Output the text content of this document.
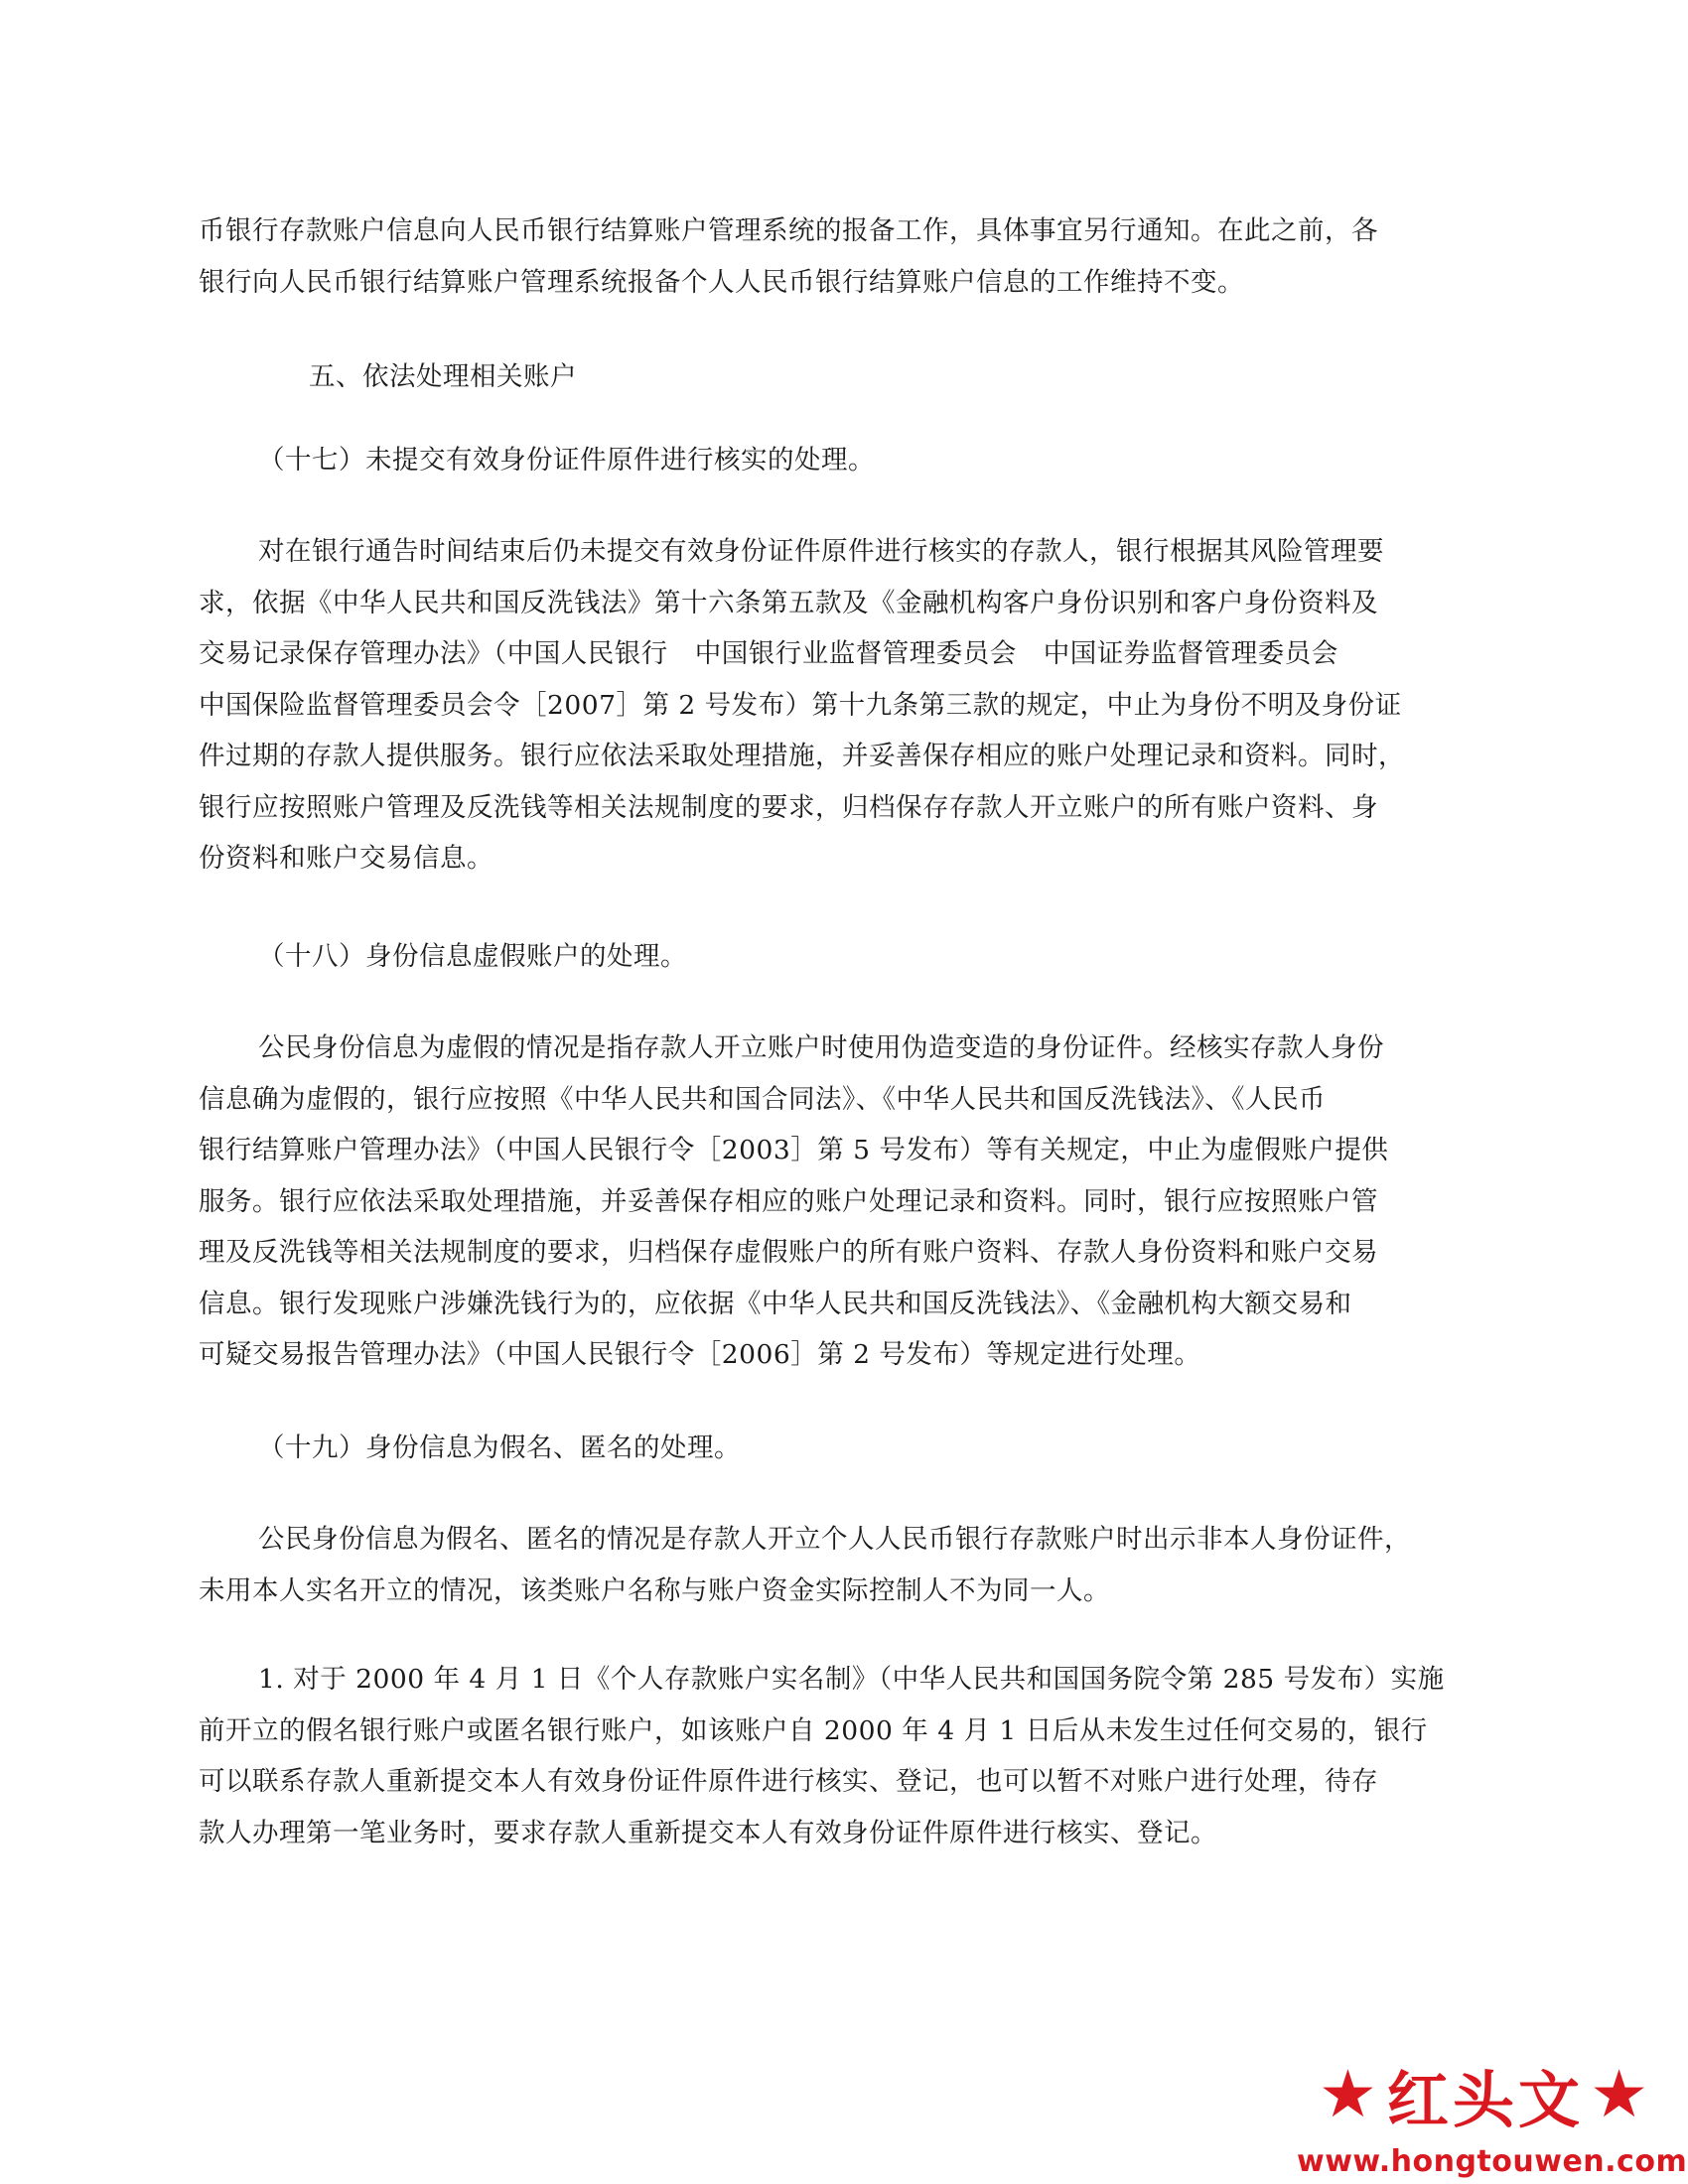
币银行存款账户信息向人民币银行结算账户管理系统的报备工作，具体事宜另行通知。在此之前，各
银行向人民币银行结算账户管理系统报备个人人民币银行结算账户信息的工作维持不变。
五、依法处理相关账户
（十七）未提交有效身份证件原件进行核实的处理。
对在银行通告时间结束后仍未提交有效身份证件原件进行核实的存款人，银行根据其风险管理要
求，依据《中华人民共和国反洗钱法》第十六条第五款及《金融机构客户身份识别和客户身份资料及
交易记录保存管理办法》（中国人民银行　中国银行业监督管理委员会　中国证券监督管理委员会
中国保险监督管理委员会令［2007］第 2 号发布）第十九条第三款的规定，中止为身份不明及身份证
件过期的存款人提供服务。银行应依法采取处理措施，并妥善保存相应的账户处理记录和资料。同时，
银行应按照账户管理及反洗钱等相关法规制度的要求，归档保存存款人开立账户的所有账户资料、身
份资料和账户交易信息。
（十八）身份信息虚假账户的处理。
公民身份信息为虚假的情况是指存款人开立账户时使用伪造变造的身份证件。经核实存款人身份
信息确为虚假的，银行应按照《中华人民共和国合同法》、《中华人民共和国反洗钱法》、《人民币
银行结算账户管理办法》（中国人民银行令［2003］第 5 号发布）等有关规定，中止为虚假账户提供
服务。银行应依法采取处理措施，并妥善保存相应的账户处理记录和资料。同时，银行应按照账户管
理及反洗钱等相关法规制度的要求，归档保存虚假账户的所有账户资料、存款人身份资料和账户交易
信息。银行发现账户涉嫌洗钱行为的，应依据《中华人民共和国反洗钱法》、《金融机构大额交易和
可疑交易报告管理办法》（中国人民银行令［2006］第 2 号发布）等规定进行处理。
（十九）身份信息为假名、匿名的处理。
公民身份信息为假名、匿名的情况是存款人开立个人人民币银行存款账户时出示非本人身份证件，
未用本人实名开立的情况，该类账户名称与账户资金实际控制人不为同一人。
1. 对于 2000 年 4 月 1 日《个人存款账户实名制》（中华人民共和国国务院令第 285 号发布）实施
前开立的假名银行账户或匿名银行账户，如该账户自 2000 年 4 月 1 日后从未发生过任何交易的，银行
可以联系存款人重新提交本人有效身份证件原件进行核实、登记，也可以暂不对账户进行处理，待存
款人办理第一笔业务时，要求存款人重新提交本人有效身份证件原件进行核实、登记。
★ 红头文 ★
www.hongtouwen.com
